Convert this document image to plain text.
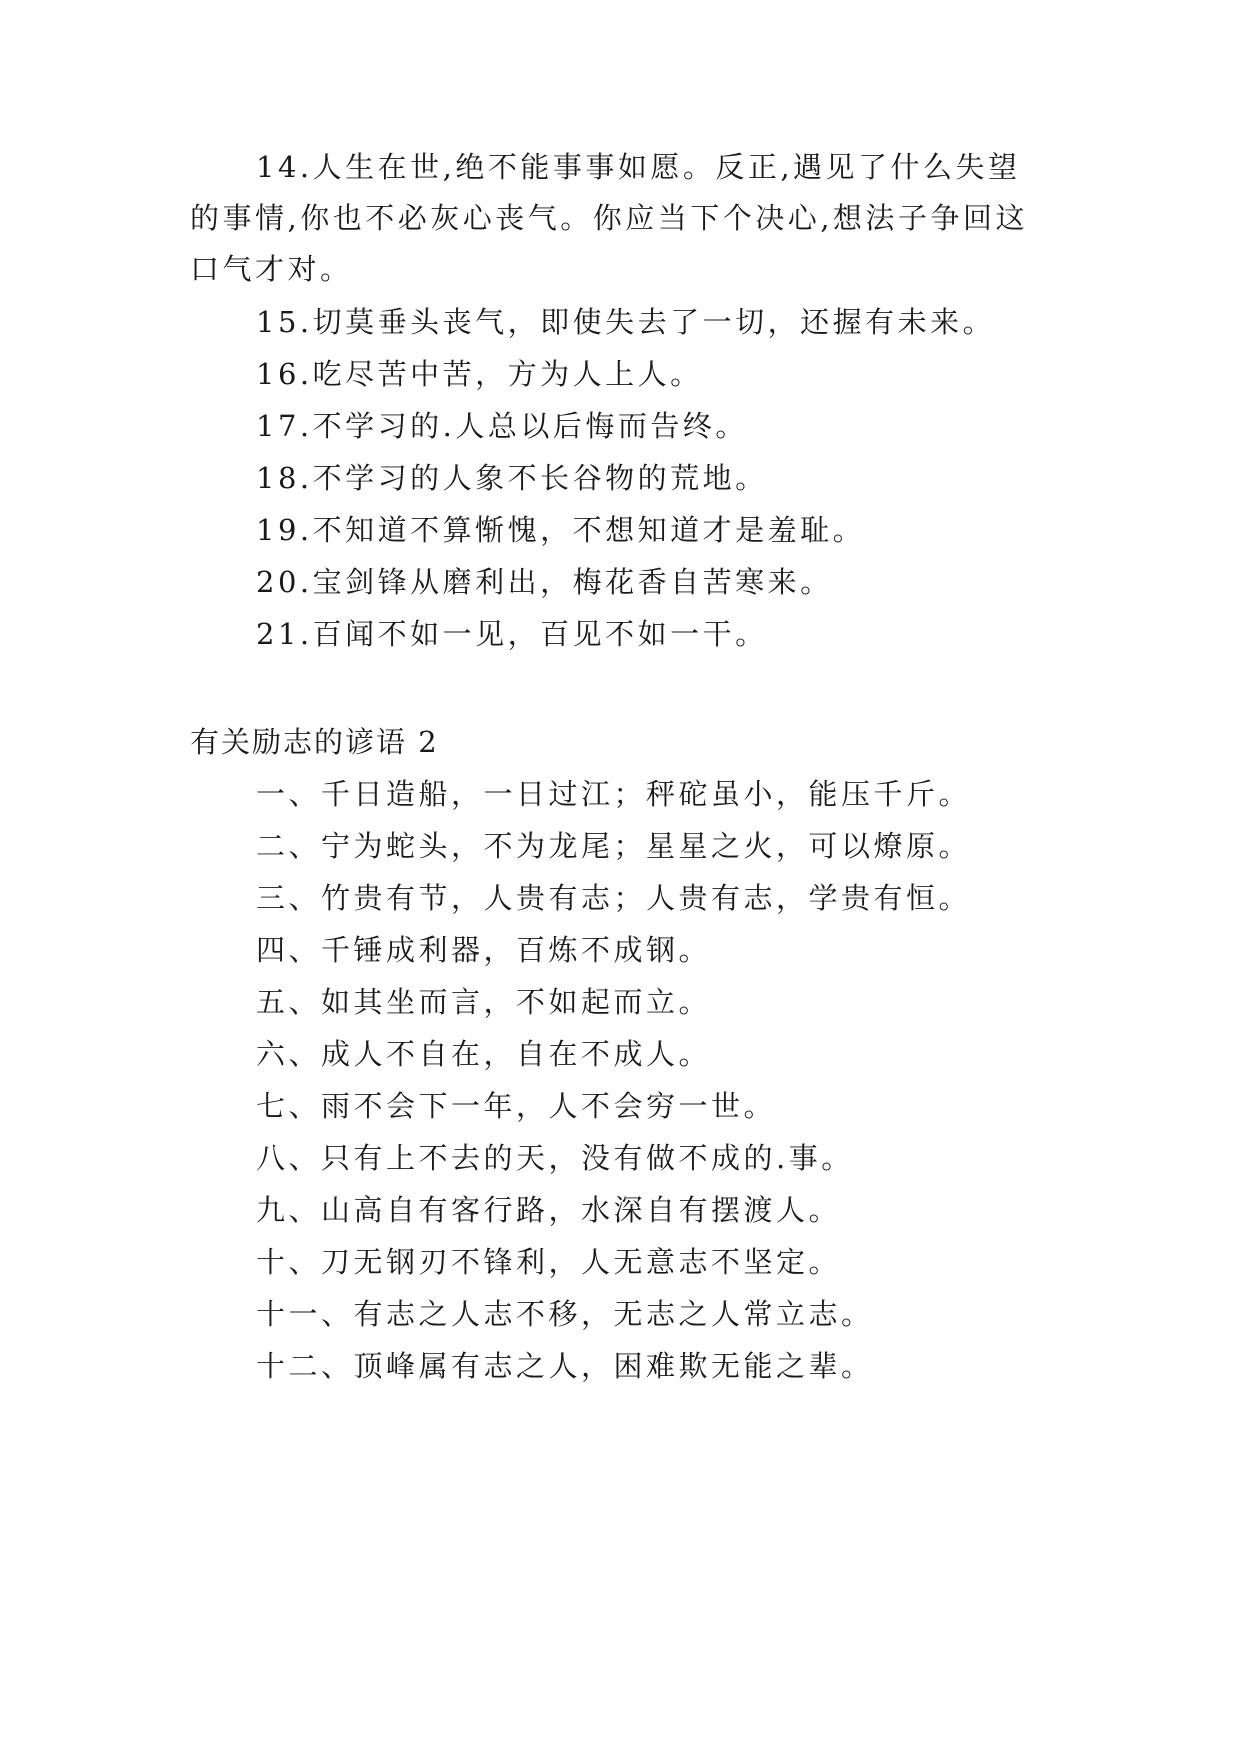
14.人生在世,绝不能事事如愿。反正,遇见了什么失望
的事情,你也不必灰心丧气。你应当下个决心,想法子争回这
口气才对。
15.切莫垂头丧气，即使失去了一切，还握有未来。
16.吃尽苦中苦，方为人上人。
17.不学习的.人总以后悔而告终。
18.不学习的人象不长谷物的荒地。
19.不知道不算惭愧，不想知道才是羞耻。
20.宝剑锋从磨利出，梅花香自苦寒来。
21.百闻不如一见，百见不如一干。
有关励志的谚语 2
一、千日造船，一日过江；秤砣虽小，能压千斤。
二、宁为蛇头，不为龙尾；星星之火，可以燎原。
三、竹贵有节，人贵有志；人贵有志，学贵有恒。
四、千锤成利器，百炼不成钢。
五、如其坐而言，不如起而立。
六、成人不自在，自在不成人。
七、雨不会下一年，人不会穷一世。
八、只有上不去的天，没有做不成的.事。
九、山高自有客行路，水深自有摆渡人。
十、刀无钢刃不锋利，人无意志不坚定。
十一、有志之人志不移，无志之人常立志。
十二、顶峰属有志之人，困难欺无能之辈。
